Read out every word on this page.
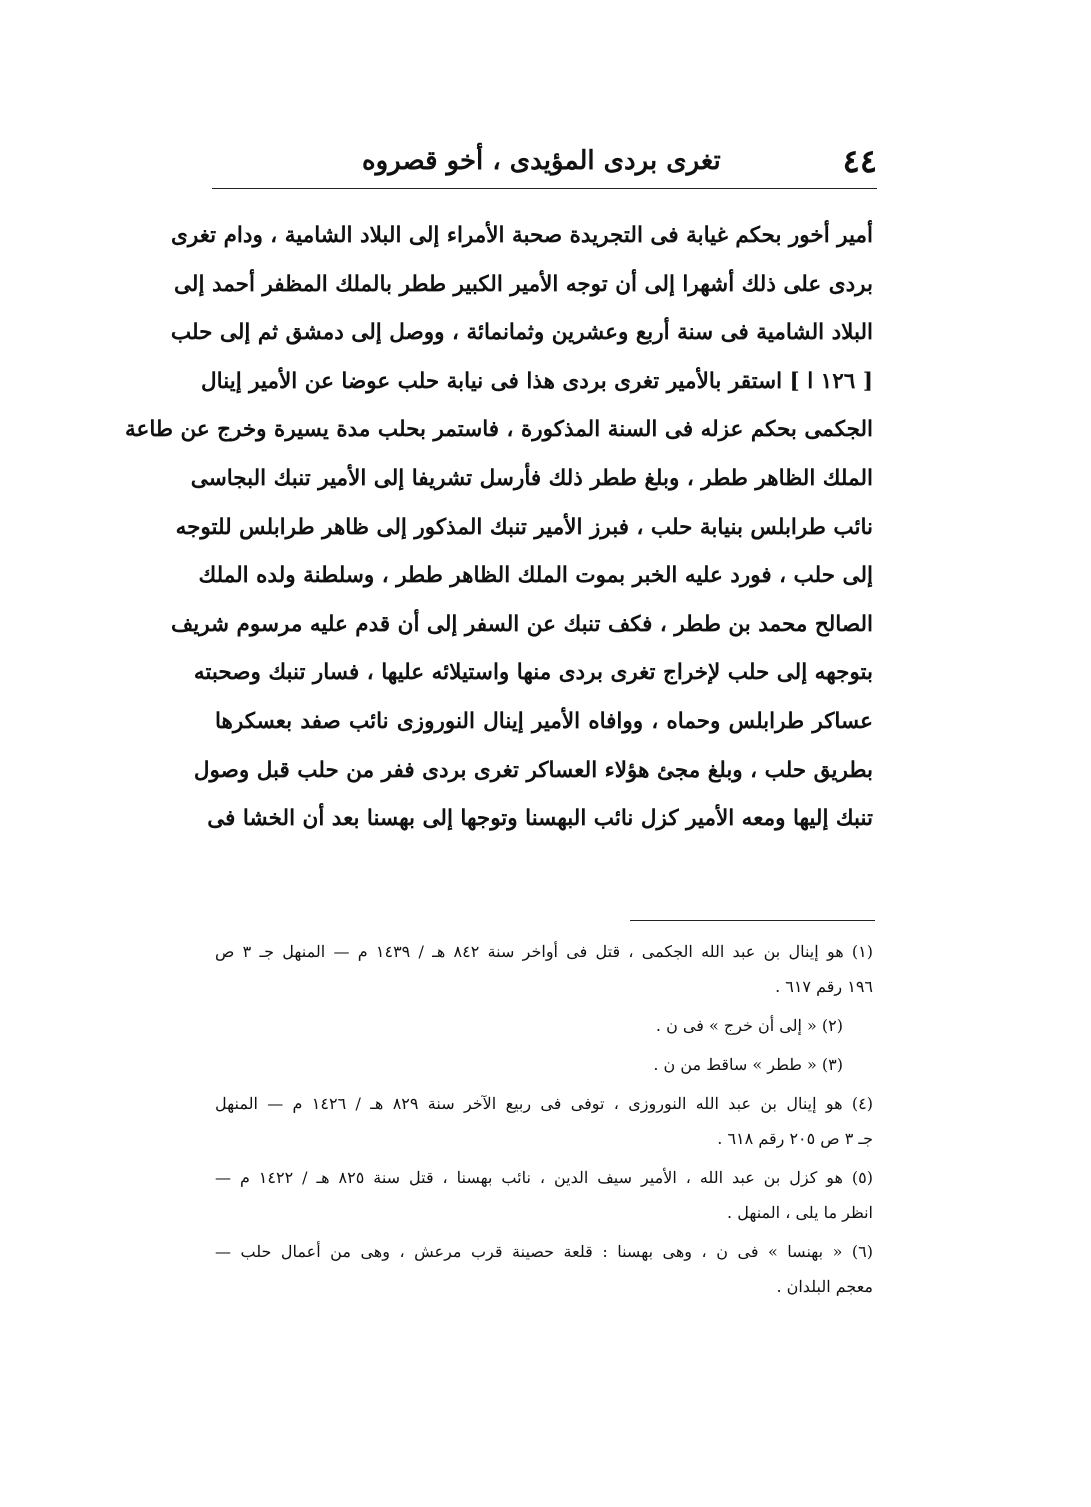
٤٤
تغرى بردى المؤيدى ، أخو قصروه
أمير أخور بحكم غيابة فى التجريدة صحبة الأمراء إلى البلاد الشامية ، ودام تغرى
بردى على ذلك أشهرا إلى أن توجه الأمير الكبير ططر بالملك المظفر أحمد إلى
البلاد الشامية فى سنة أربع وعشرين وثمانمائة ، ووصل إلى دمشق ثم إلى حلب
[ ١٢٦ ا ] استقر بالأمير تغرى بردى هذا فى نيابة حلب عوضا عن الأمير إينال
الجكمى بحكم عزله فى السنة المذكورة ، فاستمر بحلب مدة يسيرة وخرج عن طاعة
الملك الظاهر ططر ، وبلغ ططر ذلك فأرسل تشريفا إلى الأمير تنبك البجاسى
نائب طرابلس بنيابة حلب ، فبرز الأمير تنبك المذكور إلى ظاهر طرابلس للتوجه
إلى حلب ، فورد عليه الخبر بموت الملك الظاهر ططر ، وسلطنة ولده الملك
الصالح محمد بن ططر ، فكف تنبك عن السفر إلى أن قدم عليه مرسوم شريف
بتوجهه إلى حلب لإخراج تغرى بردى منها واستيلائه عليها ، فسار تنبك وصحبته
عساكر طرابلس وحماه ، ووافاه الأمير إينال النوروزى نائب صفد بعسكرها
بطريق حلب ، وبلغ مجئ هؤلاء العساكر تغرى بردى ففر من حلب قبل وصول
تنبك إليها ومعه الأمير كزل نائب البهسنا وتوجها إلى بهسنا بعد أن الخشا فى
(١) هو إينال بن عبد الله الجكمى ، قتل فى أواخر سنة ٨٤٢ هـ / ١٤٣٩ م — المنهل جـ ٣ ص
١٩٦ رقم ٦١٧ .
(٢) « إلى أن خرج » فى ن .
(٣) « ططر » ساقط من ن .
(٤) هو إينال بن عبد الله النوروزى ، توفى فى ربيع الآخر سنة ٨٢٩ هـ / ١٤٢٦ م — المنهل
جـ ٣ ص ٢٠٥ رقم ٦١٨ .
(٥) هو كزل بن عبد الله ، الأمير سيف الدين ، نائب بهسنا ، قتل سنة ٨٢٥ هـ / ١٤٢٢ م —
انظر ما يلى ، المنهل .
(٦) « بهنسا » فى ن ، وهى بهسنا : قلعة حصينة قرب مرعش ، وهى من أعمال حلب —
معجم البلدان .
